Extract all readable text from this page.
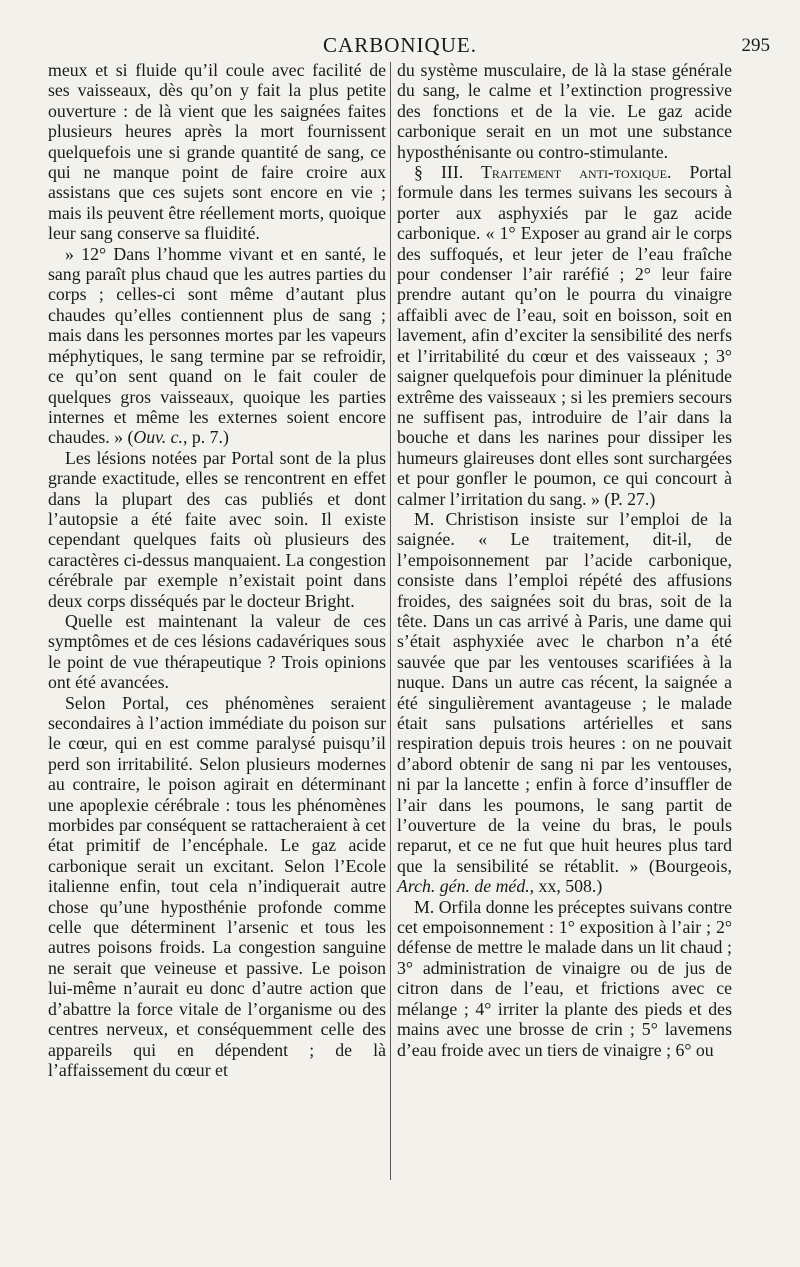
CARBONIQUE.	295

meux et si fluide qu’il coule avec facilité de ses vaisseaux, dès qu’on y fait la plus petite ouverture : de là vient que les saignées faites plusieurs heures après la mort fournissent quelquefois une si grande quantité de sang, ce qui ne manque point de faire croire aux assistans que ces sujets sont encore en vie ; mais ils peuvent être réellement morts, quoique leur sang conserve sa fluidité.

» 12° Dans l’homme vivant et en santé, le sang paraît plus chaud que les autres parties du corps ; celles-ci sont même d’autant plus chaudes qu’elles contiennent plus de sang ; mais dans les personnes mortes par les vapeurs méphytiques, le sang termine par se refroidir, ce qu’on sent quand on le fait couler de quelques gros vaisseaux, quoique les parties internes et même les externes soient encore chaudes. » (Ouv. c., p. 7.)

Les lésions notées par Portal sont de la plus grande exactitude, elles se rencontrent en effet dans la plupart des cas publiés et dont l’autopsie a été faite avec soin. Il existe cependant quelques faits où plusieurs des caractères ci-dessus manquaient. La congestion cérébrale par exemple n’existait point dans deux corps disséqués par le docteur Bright.

Quelle est maintenant la valeur de ces symptômes et de ces lésions cadavériques sous le point de vue thérapeutique ? Trois opinions ont été avancées.

Selon Portal, ces phénomènes seraient secondaires à l’action immédiate du poison sur le cœur, qui en est comme paralysé puisqu’il perd son irritabilité. Selon plusieurs modernes au contraire, le poison agirait en déterminant une apoplexie cérébrale : tous les phénomènes morbides par conséquent se rattacheraient à cet état primitif de l’encéphale. Le gaz acide carbonique serait un excitant. Selon l’Ecole italienne enfin, tout cela n’indiquerait autre chose qu’une hyposthénie profonde comme celle que déterminent l’arsenic et tous les autres poisons froids. La congestion sanguine ne serait que veineuse et passive. Le poison lui-même n’aurait eu donc d’autre action que d’abattre la force vitale de l’organisme ou des centres nerveux, et conséquemment celle des appareils qui en dépendent ; de là l’affaissement du cœur et

du système musculaire, de là la stase générale du sang, le calme et l’extinction progressive des fonctions et de la vie. Le gaz acide carbonique serait en un mot une substance hyposthénisante ou contro-stimulante.

§ III. Traitement anti-toxique. Portal formule dans les termes suivans les secours à porter aux asphyxiés par le gaz acide carbonique. « 1° Exposer au grand air le corps des suffoqués, et leur jeter de l’eau fraîche pour condenser l’air raréfié ; 2° leur faire prendre autant qu’on le pourra du vinaigre affaibli avec de l’eau, soit en boisson, soit en lavement, afin d’exciter la sensibilité des nerfs et l’irritabilité du cœur et des vaisseaux ; 3° saigner quelquefois pour diminuer la plénitude extrême des vaisseaux ; si les premiers secours ne suffisent pas, introduire de l’air dans la bouche et dans les narines pour dissiper les humeurs glaireuses dont elles sont surchargées et pour gonfler le poumon, ce qui concourt à calmer l’irritation du sang. » (P. 27.)

M. Christison insiste sur l’emploi de la saignée. « Le traitement, dit-il, de l’empoisonnement par l’acide carbonique, consiste dans l’emploi répété des affusions froides, des saignées soit du bras, soit de la tête. Dans un cas arrivé à Paris, une dame qui s’était asphyxiée avec le charbon n’a été sauvée que par les ventouses scarifiées à la nuque. Dans un autre cas récent, la saignée a été singulièrement avantageuse ; le malade était sans pulsations artérielles et sans respiration depuis trois heures : on ne pouvait d’abord obtenir de sang ni par les ventouses, ni par la lancette ; enfin à force d’insuffler de l’air dans les poumons, le sang partit de l’ouverture de la veine du bras, le pouls reparut, et ce ne fut que huit heures plus tard que la sensibilité se rétablit. » (Bourgeois, Arch. gén. de méd., xx, 508.)

M. Orfila donne les préceptes suivans contre cet empoisonnement : 1° exposition à l’air ; 2° défense de mettre le malade dans un lit chaud ; 3° administration de vinaigre ou de jus de citron dans de l’eau, et frictions avec ce mélange ; 4° irriter la plante des pieds et des mains avec une brosse de crin ; 5° lavemens d’eau froide avec un tiers de vinaigre ; 6° ou
